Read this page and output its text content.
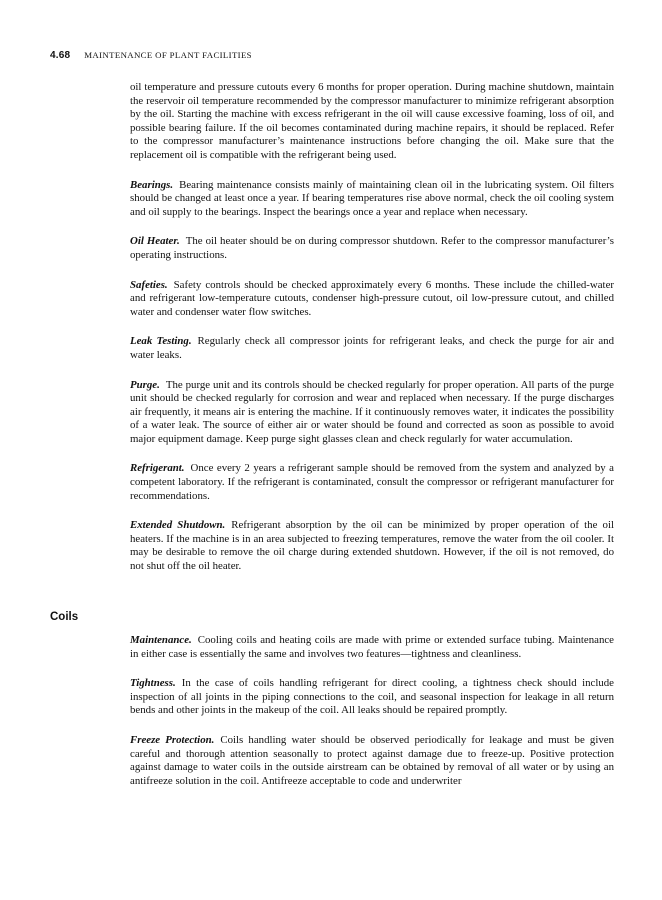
4.68 MAINTENANCE OF PLANT FACILITIES

oil temperature and pressure cutouts every 6 months for proper operation. During machine shutdown, maintain the reservoir oil temperature recommended by the compressor manufacturer to minimize refrigerant absorption by the oil. Starting the machine with excess refrigerant in the oil will cause excessive foaming, loss of oil, and possible bearing failure. If the oil becomes contaminated during machine repairs, it should be replaced. Refer to the compressor manufacturer’s maintenance instructions before changing the oil. Make sure that the replacement oil is compatible with the refrigerant being used.

Bearings. Bearing maintenance consists mainly of maintaining clean oil in the lubricating system. Oil filters should be changed at least once a year. If bearing temperatures rise above normal, check the oil cooling system and oil supply to the bearings. Inspect the bearings once a year and replace when necessary.

Oil Heater. The oil heater should be on during compressor shutdown. Refer to the compressor manufacturer’s operating instructions.

Safeties. Safety controls should be checked approximately every 6 months. These include the chilled-water and refrigerant low-temperature cutouts, condenser high-pressure cutout, oil low-pressure cutout, and chilled water and condenser water flow switches.

Leak Testing. Regularly check all compressor joints for refrigerant leaks, and check the purge for air and water leaks.

Purge. The purge unit and its controls should be checked regularly for proper operation. All parts of the purge unit should be checked regularly for corrosion and wear and replaced when necessary. If the purge discharges air frequently, it means air is entering the machine. If it continuously removes water, it indicates the possibility of a water leak. The source of either air or water should be found and corrected as soon as possible to avoid major equipment damage. Keep purge sight glasses clean and check regularly for water accumulation.

Refrigerant. Once every 2 years a refrigerant sample should be removed from the system and analyzed by a competent laboratory. If the refrigerant is contaminated, consult the compressor or refrigerant manufacturer for recommendations.

Extended Shutdown. Refrigerant absorption by the oil can be minimized by proper operation of the oil heaters. If the machine is in an area subjected to freezing temperatures, remove the water from the oil cooler. It may be desirable to remove the oil charge during extended shutdown. However, if the oil is not removed, do not shut off the oil heater.

Coils

Maintenance. Cooling coils and heating coils are made with prime or extended surface tubing. Maintenance in either case is essentially the same and involves two features—tightness and cleanliness.

Tightness. In the case of coils handling refrigerant for direct cooling, a tightness check should include inspection of all joints in the piping connections to the coil, and seasonal inspection for leakage in all return bends and other joints in the makeup of the coil. All leaks should be repaired promptly.

Freeze Protection. Coils handling water should be observed periodically for leakage and must be given careful and thorough attention seasonally to protect against damage due to freeze-up. Positive protection against damage to water coils in the outside airstream can be obtained by removal of all water or by using an antifreeze solution in the coil. Antifreeze acceptable to code and underwriter
